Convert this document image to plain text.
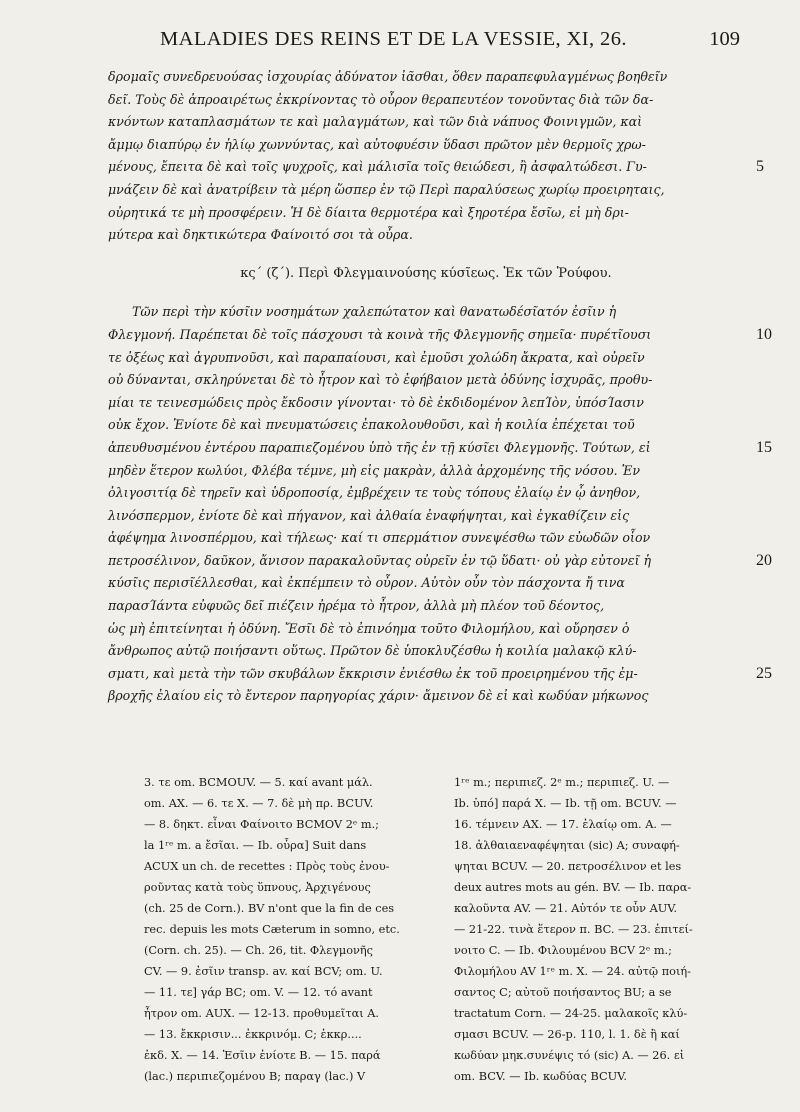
MALADIES DES REINS ET DE LA VESSIE, XI, 26.	109
δρομαῖς συνεδρευούσας ἰσχουρίας ἀδύνατον ἰᾶσθαι, ὅθεν παραπεφυλαγμένως βοηθεῖν
δεῖ. Τοὺς δὲ ἀπροαιρέτως ἐκκρίνοντας τὸ οὖρον θεραπευτέον τονοῦντας διὰ τῶν δα-
κνόντων καταπλασμάτων τε καὶ μαλαγμάτων, καὶ τῶν διὰ νάπυος Φοινιγμῶν, καὶ
ἄμμῳ διαπύρῳ ἐν ἡλίῳ χωννύντας, καὶ αὐτοφυέσιν ὕδασι πρῶτον μὲν θερμοῖς χρω-
μένους, ἔπειτα δὲ καὶ τοῖς ψυχροῖς, καὶ μάλισῖα τοῖς θειώδεσι, ἢ ἀσφαλτώδεσι. Γυ-	5
μνάζειν δὲ καὶ ἀνατρίβειν τὰ μέρη ὥσπερ ἐν τῷ Περὶ παραλύσεως χωρίῳ προειρηταις,
οὐρητικά τε μὴ προσφέρειν. Ἡ δὲ δίαιτα θερμοτέρα καὶ ξηροτέρα ἔσῖω, εἰ μὴ δρι-
μύτερα καὶ δηκτικώτερα Φαίνοιτό σοι τὰ οὖρα.
κς´ (ζ´). Περὶ Φλεγμαινούσης κύσῖεως. Ἐκ τῶν Ῥούφου.
Τῶν περὶ τὴν κύσῖιν νοσημάτων χαλεπώτατον καὶ θανατωδέσῖατόν ἐσῖιν ἡ
Φλεγμονή. Παρέπεται δὲ τοῖς πάσχουσι τὰ κοινὰ τῆς Φλεγμονῆς σημεῖα· πυρέτῖουσι	10
τε ὀξέως καὶ ἀγρυπνοῦσι, καὶ παραπαίουσι, καὶ ἐμοῦσι χολώδη ἄκρατα, καὶ οὐρεῖν
οὐ δύνανται, σκληρύνεται δὲ τὸ ἦτρον καὶ τὸ ἐφήβαιον μετὰ ὀδύνης ἰσχυρᾶς, προθυ-
μίαι τε τεινεσμώδεις πρὸς ἔκδοσιν γίνονται· τὸ δὲ ἐκδιδομένον λεπΊὸν, ὑπόσΊασιν
οὐκ ἔχον. Ἐνίοτε δὲ καὶ πνευματώσεις ἐπακολουθοῦσι, καὶ ἡ κοιλία ἐπέχεται τοῦ
ἀπευθυσμένου ἐντέρου παραπιεζομένου ὑπὸ τῆς ἐν τῇ κύσῖει Φλεγμονῆς. Τούτων, εἰ	15
μηδὲν ἕτερον κωλύοι, Φλέβα τέμνε, μὴ εἰς μακρὰν, ἀλλὰ ἀρχομένης τῆς νόσου. Ἐν
ὀλιγοσιτίᾳ δὲ τηρεῖν καὶ ὑδροποσίᾳ, ἐμβρέχειν τε τοὺς τόπους ἐλαίῳ ἐν ᾧ ἀνηθον,
λινόσπερμον, ἐνίοτε δὲ καὶ πήγανον, καὶ ἀλθαία ἐναφήψηται, καὶ ἐγκαθίζειν εἰς
ἀφέψημα λινοσπέρμου, καὶ τήλεως· καί τι σπερμάτιον συνεψέσθω τῶν εὐωδῶν οἷον
πετροσέλινον, δαῦκον, ἄνισον παρακαλοῦντας οὐρεῖν ἐν τῷ ὕδατι· οὐ γὰρ εὐτονεῖ ἡ	20
κύσῖις περισῖέλλεσθαι, καὶ ἐκπέμπειν τὸ οὖρον. Αὐτὸν οὖν τὸν πάσχοντα ἤ τινα
παρασΊάντα εὐφυῶς δεῖ πιέζειν ἠρέμα τὸ ἦτρον, ἀλλὰ μὴ πλέον τοῦ δέοντος,
ὡς μὴ ἐπιτείνηται ἡ ὀδύνη. Ἔσῖι δὲ τὸ ἐπινόημα τοῦτο Φιλομήλου, καὶ οὔρησεν ὁ
ἄνθρωπος αὐτῷ ποιήσαντι οὕτως. Πρῶτον δὲ ὑποκλυζέσθω ἡ κοιλία μαλακῷ κλύ-
σματι, καὶ μετὰ τὴν τῶν σκυβάλων ἔκκρισιν ἐνιέσθω ἐκ τοῦ προειρημένου τῆς ἐμ-	25
βροχῆς ἐλαίου εἰς τὸ ἔντερον παρηγορίας χάριν· ἄμεινον δὲ εἰ καὶ κωδύαν μήκωνος
3. τε om. BCMOUV. — 5. καί avant μάλ.
om. AX. — 6. τε X. — 7. δὲ μὴ πρ. BCUV.
— 8. δηκτ. εἶναι Φαίνοιτο BCMOV 2ᵉ m.;
la 1ʳᵉ m. a ἔσῖαι. — Ib. οὖρα] Suit dans
ACUX un ch. de recettes : Πρὸς τοὺς ἐνου-
ροῦντας κατὰ τοὺς ὕπνους, Ἀρχιγένους
(ch. 25 de Corn.). BV n'ont que la fin de ces
rec. depuis les mots Cæterum in somno, etc.
(Corn. ch. 25). — Ch. 26, tit. Φλεγμονῆς
CV. — 9. ἐσῖιν transp. av. καί BCV; om. U.
— 11. τε] γάρ BC; om. V. — 12. τό avant
ἦτρον om. AUX. — 12-13. προθυμεῖται A.
— 13. ἔκκρισιν... ἐκκρινόμ. C; ἐκκρ....
ἐκδ. X. — 14. Ἐσῖιν ἐνίοτε B. — 15. παρά
(lac.) περιπιεζομένου B; παραγ (lac.) V
1ʳᵉ m.; περιπιεζ. 2ᵉ m.; περιπιεζ. U. —
Ib. ὑπό] παρά X. — Ib. τῇ om. BCUV. —
16. τέμνειν AX. — 17. ἐλαίῳ om. A. —
18. ἀλθαιαεναφέψηται (sic) A; συναφή-
ψηται BCUV. — 20. πετροσέλινον et les
deux autres mots au gén. BV. — Ib. παρα-
καλοῦντα AV. — 21. Αὐτόν τε οὖν AUV.
— 21-22. τινὰ ἕτερον π. BC. — 23. ἐπιτεί-
νοιτο C. — Ib. Φιλουμένου BCV 2ᵉ m.;
Φιλομήλου AV 1ʳᵉ m. X. — 24. αὐτῷ ποιή-
σαντος C; αὐτοῦ ποιήσαντος BU; a se
tractatum Corn. — 24-25. μαλακοῖς κλύ-
σμασι BCUV. — 26-p. 110, l. 1. δὲ ἢ καί
κωδύαν μηκ.συνέψις τό (sic) A. — 26. εἰ
om. BCV. — Ib. κωδύας BCUV.
